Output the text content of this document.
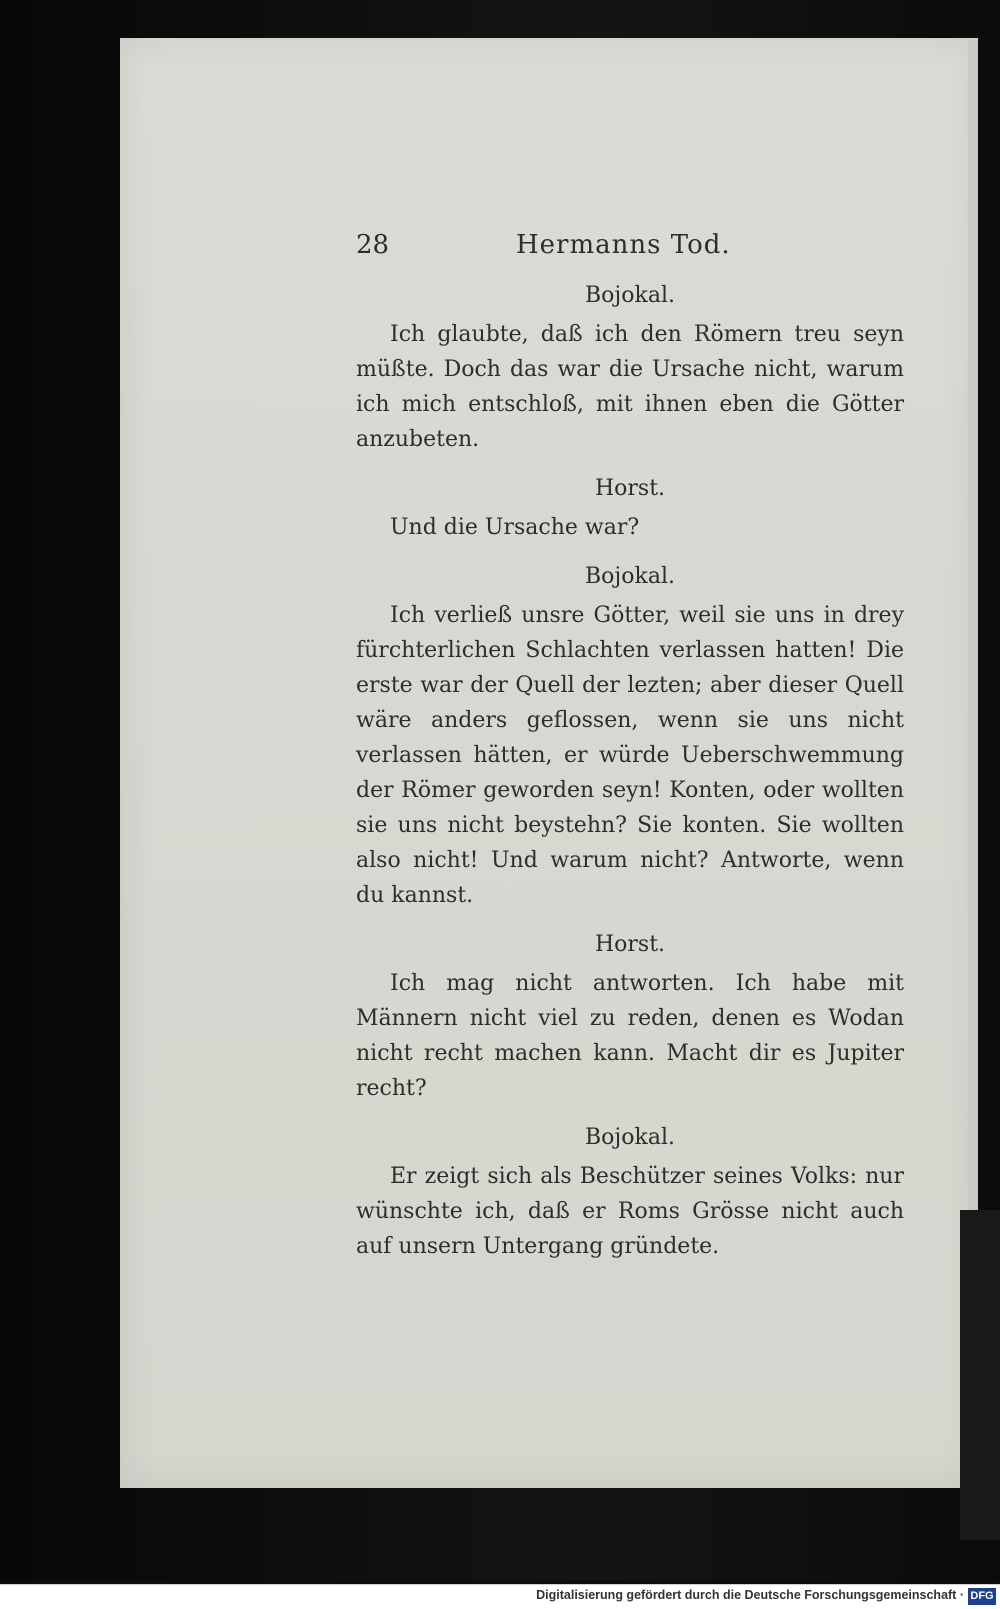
28	Hermanns Tod.
Bojokal.

Ich glaubte, daß ich den Römern treu seyn müßte. Doch das war die Ursache nicht, warum ich mich entschloß, mit ihnen eben die Götter anzubeten.

Horst.

Und die Ursache war?

Bojokal.

Ich verließ unsre Götter, weil sie uns in drey fürchterlichen Schlachten verlassen hatten! Die erste war der Quell der lezten; aber dieser Quell wäre anders geflossen, wenn sie uns nicht verlassen hätten, er würde Ueberschwemmung der Römer geworden seyn! Konten, oder wollten sie uns nicht beystehn? Sie konten. Sie wollten also nicht! Und warum nicht? Antworte, wenn du kannst.

Horst.

Ich mag nicht antworten. Ich habe mit Männern nicht viel zu reden, denen es Wodan nicht recht machen kann. Macht dir es Jupiter recht?

Bojokal.

Er zeigt sich als Beschützer seines Volks: nur wünschte ich, daß er Roms Grösse nicht auch auf unsern Untergang gründete.

Digitalisierung gefördert durch die Deutsche Forschungsgemeinschaft · DFG
